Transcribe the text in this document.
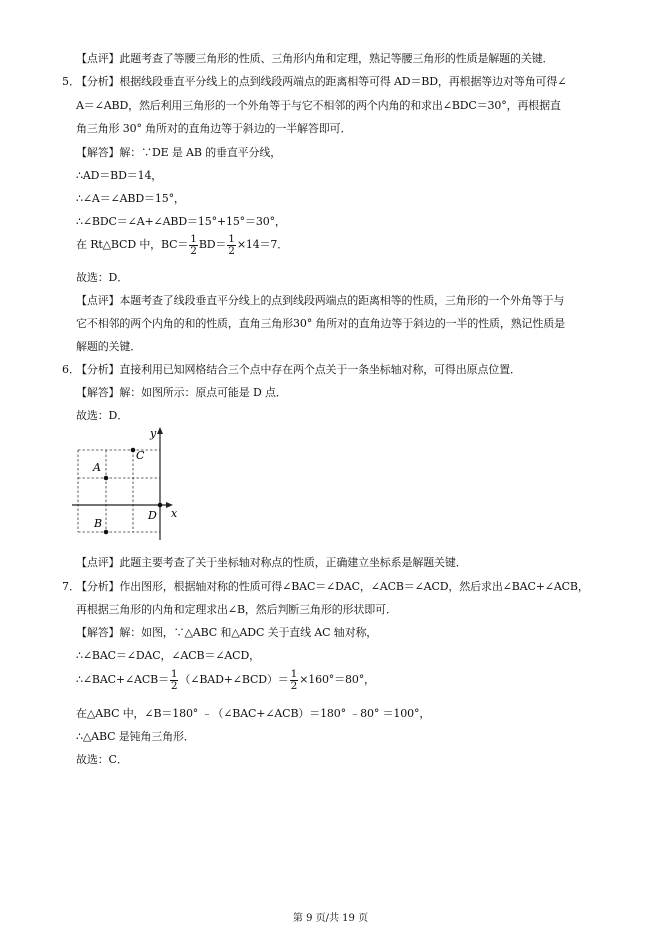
【点评】此题考查了等腰三角形的性质、三角形内角和定理，熟记等腰三角形的性质是解题的关键．
5．
【分析】根据线段垂直平分线上的点到线段两端点的距离相等可得 AD＝BD，再根据等边对等角可得∠
A＝∠ABD，然后利用三角形的一个外角等于与它不相邻的两个内角的和求出∠BDC＝30°，再根据直
角三角形 30° 角所对的直角边等于斜边的一半解答即可．
【解答】解：∵DE 是 AB 的垂直平分线，
∴AD＝BD＝14，
∴∠A＝∠ABD＝15°，
∴∠BDC＝∠A+∠ABD＝15°+15°＝30°，
在 Rt△BCD 中，$BC= \frac{1}{2} BD= \frac{1}{2} \times 14=7$．
故选：D．
【点评】本题考查了线段垂直平分线上的点到线段两端点的距离相等的性质，三角形的一个外角等于与
它不相邻的两个内角的和的性质，直角三角形30° 角所对的直角边等于斜边的一半的性质，熟记性质是
解题的关键．
6．
【分析】直接利用已知网格结合三个点中存在两个点关于一条坐标轴对称，可得出原点位置．
【解答】解：如图所示：原点可能是 D 点．
故选：D．
y
x
C
A
D
B
【点评】此题主要考查了关于坐标轴对称点的性质，正确建立坐标系是解题关键．
7．
【分析】作出图形，根据轴对称的性质可得∠BAC＝∠DAC，∠ACB＝∠ACD，然后求出∠BAC+∠ACB，
再根据三角形的内角和定理求出∠B，然后判断三角形的形状即可．
【解答】解：如图，∵△ABC 和△ADC 关于直线 AC 轴对称，
∴∠BAC＝∠DAC，∠ACB＝∠ACD，
∴∠BAC+∠ACB＝ $\frac{1}{2}$ （∠BAD+∠BCD）＝ $\frac{1}{2} \times 160^\circ=80^\circ$，
在△ABC 中，∠B＝180° ﹣（∠BAC+∠ACB）＝180° ﹣80° ＝100°，
∴△ABC 是钝角三角形．
故选：C．
第 9 页/共 19 页
